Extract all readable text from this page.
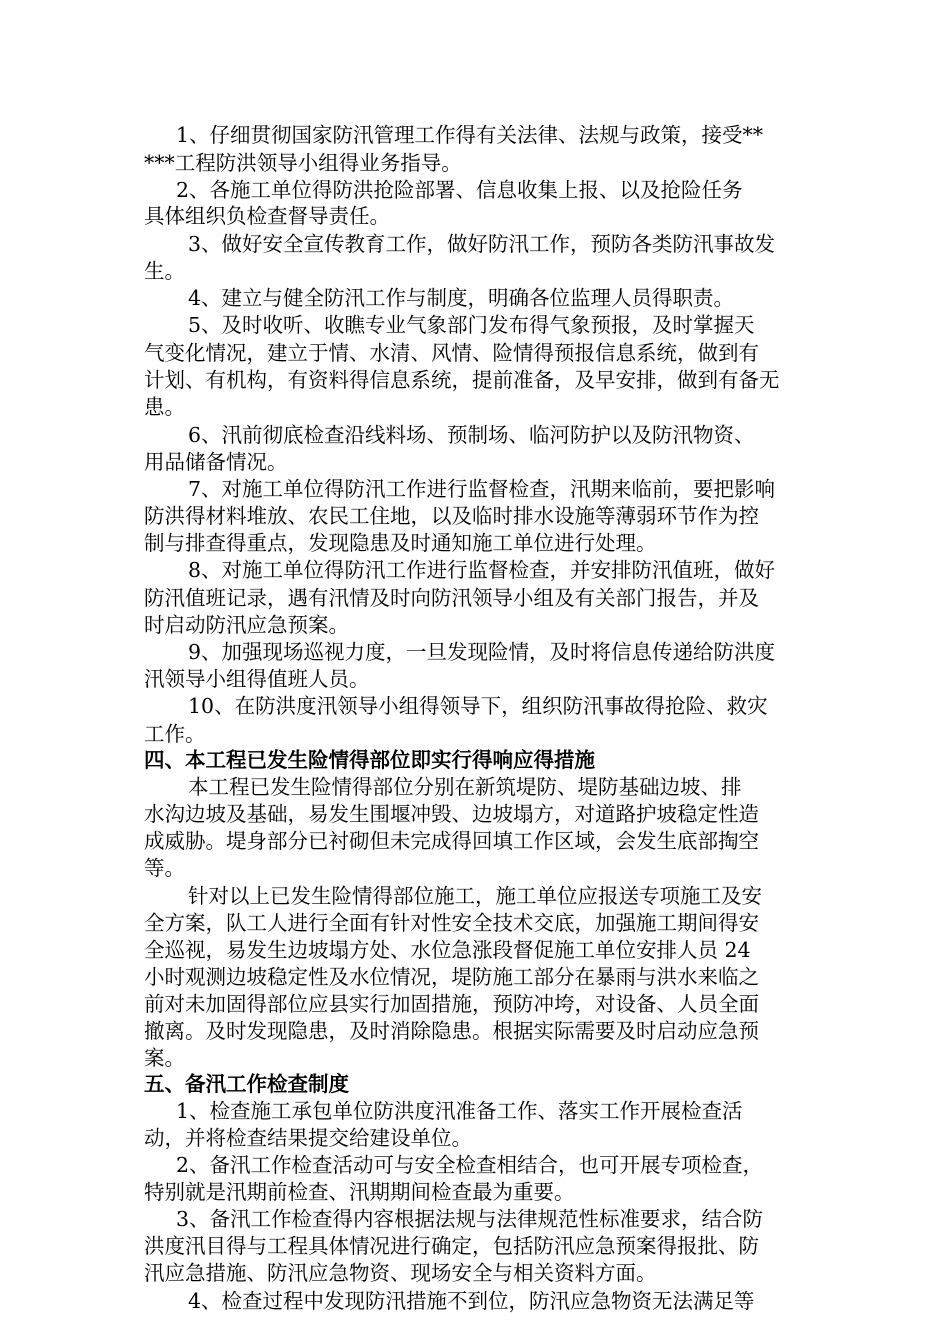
1、仔细贯彻国家防汛管理工作得有关法律、法规与政策，接受**
***工程防洪领导小组得业务指导。
2、各施工单位得防洪抢险部署、信息收集上报、以及抢险任务
具体组织负检查督导责任。
3、做好安全宣传教育工作，做好防汛工作，预防各类防汛事故发
生。
4、建立与健全防汛工作与制度，明确各位监理人员得职责。
5、及时收听、收瞧专业气象部门发布得气象预报，及时掌握天
气变化情况，建立于情、水清、风情、险情得预报信息系统，做到有
计划、有机构，有资料得信息系统，提前准备，及早安排，做到有备无
患。
6、汛前彻底检查沿线料场、预制场、临河防护以及防汛物资、
用品储备情况。
7、对施工单位得防汛工作进行监督检查，汛期来临前，要把影响
防洪得材料堆放、农民工住地，以及临时排水设施等薄弱环节作为控
制与排查得重点，发现隐患及时通知施工单位进行处理。
8、对施工单位得防汛工作进行监督检查，并安排防汛值班，做好
防汛值班记录，遇有汛情及时向防汛领导小组及有关部门报告，并及
时启动防汛应急预案。
9、加强现场巡视力度，一旦发现险情，及时将信息传递给防洪度
汛领导小组得值班人员。
10、在防洪度汛领导小组得领导下，组织防汛事故得抢险、救灾
工作。
四、本工程已发生险情得部位即实行得响应得措施
本工程已发生险情得部位分别在新筑堤防、堤防基础边坡、排
水沟边坡及基础，易发生围堰冲毁、边坡塌方，对道路护坡稳定性造
成威胁。堤身部分已衬砌但未完成得回填工作区域，会发生底部掏空
等。
针对以上已发生险情得部位施工，施工单位应报送专项施工及安
全方案，队工人进行全面有针对性安全技术交底，加强施工期间得安
全巡视，易发生边坡塌方处、水位急涨段督促施工单位安排人员 24
小时观测边坡稳定性及水位情况，堤防施工部分在暴雨与洪水来临之
前对未加固得部位应县实行加固措施，预防冲垮，对设备、人员全面
撤离。及时发现隐患，及时消除隐患。根据实际需要及时启动应急预
案。
五、备汛工作检查制度
1、检查施工承包单位防洪度汛准备工作、落实工作开展检查活
动，并将检查结果提交给建设单位。
2、备汛工作检查活动可与安全检查相结合，也可开展专项检查，
特别就是汛期前检查、汛期期间检查最为重要。
3、备汛工作检查得内容根据法规与法律规范性标准要求，结合防
洪度汛目得与工程具体情况进行确定，包括防汛应急预案得报批、防
汛应急措施、防汛应急物资、现场安全与相关资料方面。
4、检查过程中发现防汛措施不到位，防汛应急物资无法满足等
